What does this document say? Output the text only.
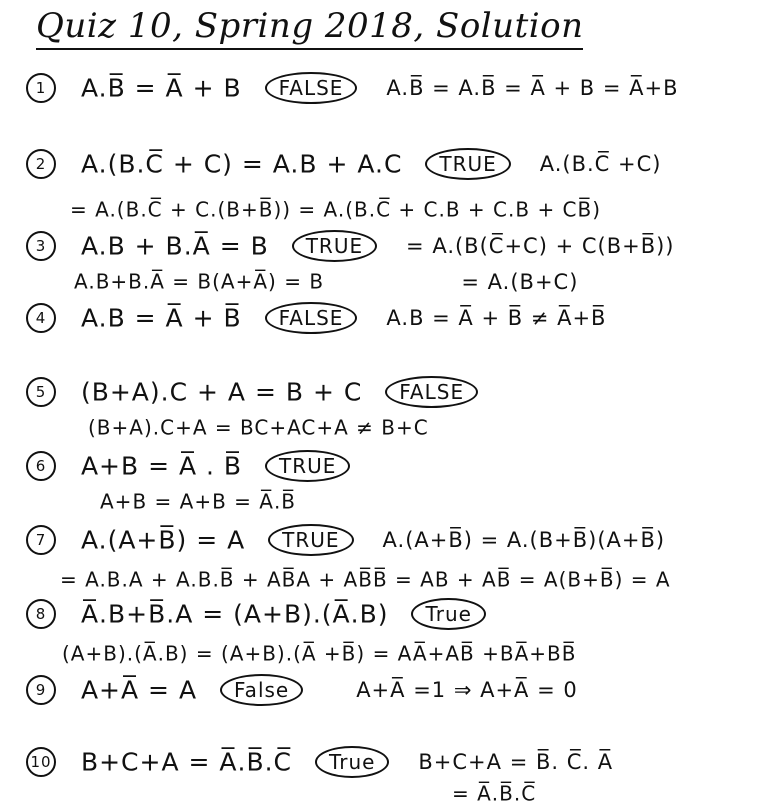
Quiz 10, Spring 2018, Solution
1 A.B̅ = A̅ + B FALSE A.B̅ = A.B̅ = A̅ + B = A̅+B
2 A.(B.C̅ + C) = A.B + A.C TRUE A.(B.C̅ +C)
= A.(B.C̅ + C.(B+B̅)) = A.(B.C̅ + C.B + C.B + CB̅)
3 A.B + B.A̅ = B TRUE = A.(B(C̅+C) + C(B+B̅))
A.B+B.A̅ = B(A+A̅) = B	= A.(B+C)
4 A.B = A̅ + B̅ FALSE A.B = A̅ + B̅ ≠ A̅+B̅
5 (B+A).C + A = B + C FALSE
(B+A).C+A = BC+AC+A ≠ B+C
6 A+B = A̅ . B̅ TRUE
A+B = A+B = A̅.B̅
7 A.(A+B̅) = A TRUE A.(A+B̅) = A.(B+B̅)(A+B̅)
= A.B.A + A.B.B̅ + AB̅A + AB̅B̅ = AB + AB̅ = A(B+B̅) = A
8 A̅.B+B̅.A = (A+B).(A̅.B) True
(A+B).(A̅.B) = (A+B).(A̅ +B̅) = AA̅+AB̅ +BA̅+BB̅
9 A+A̅ = A False	A+A̅ =1 ⇒ A+A̅ = 0
10 B+C+A = A̅.B̅.C̅ True B+C+A = B̅. C̅. A̅
= A̅.B̅.C̅
